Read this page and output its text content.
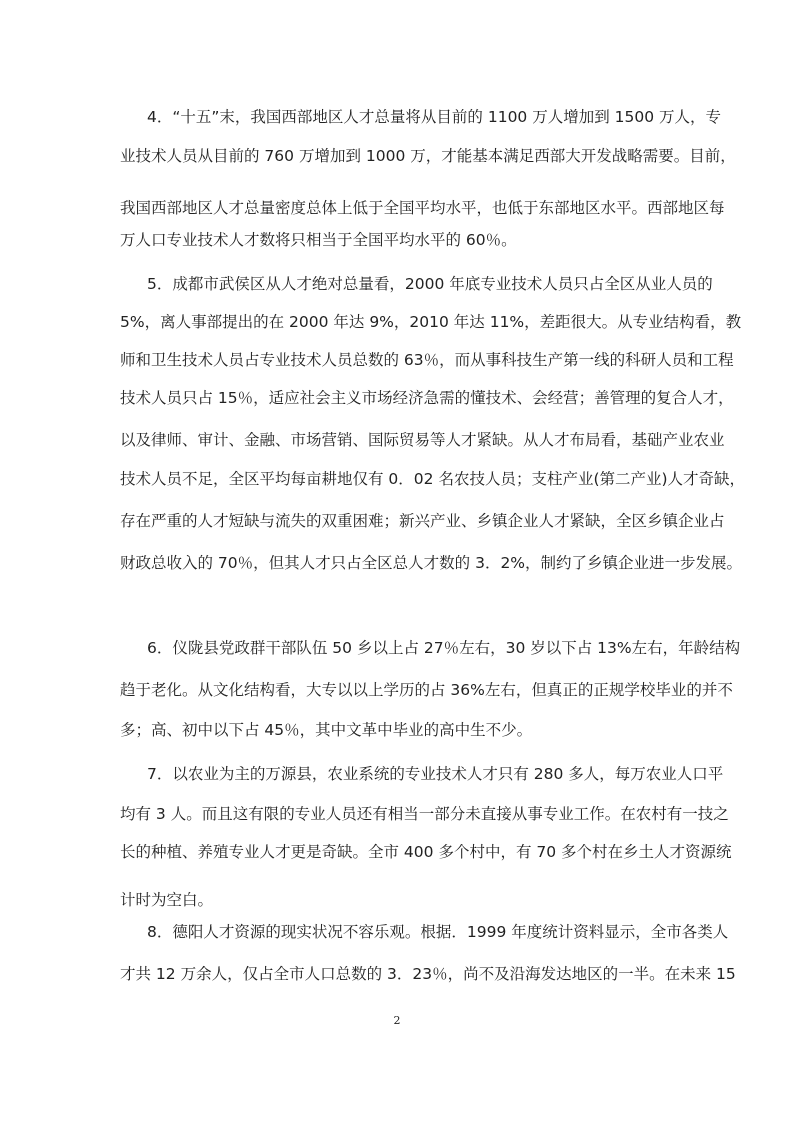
4．“十五”末，我国西部地区人才总量将从目前的 1100 万人增加到 1500 万人，专
业技术人员从目前的 760 万增加到 1000 万，才能基本满足西部大开发战略需要。目前，
我国西部地区人才总量密度总体上低于全国平均水平，也低于东部地区水平。西部地区每
万人口专业技术人才数将只相当于全国平均水平的 60％。
5．成都市武侯区从人才绝对总量看，2000 年底专业技术人员只占全区从业人员的
5%，离人事部提出的在 2000 年达 9%，2010 年达 11%，差距很大。从专业结构看，教
师和卫生技术人员占专业技术人员总数的 63％，而从事科技生产第一线的科研人员和工程
技术人员只占 15％，适应社会主义市场经济急需的懂技术、会经营；善管理的复合人才，
以及律师、审计、金融、市场营销、国际贸易等人才紧缺。从人才布局看，基础产业农业
技术人员不足，全区平均每亩耕地仅有 0．02 名农技人员；支柱产业(第二产业)人才奇缺，
存在严重的人才短缺与流失的双重困难；新兴产业、乡镇企业人才紧缺，全区乡镇企业占
财政总收入的 70％，但其人才只占全区总人才数的 3．2%，制约了乡镇企业进一步发展。
6．仪陇县党政群干部队伍 50 乡以上占 27％左右，30 岁以下占 13%左右，年龄结构
趋于老化。从文化结构看，大专以以上学历的占 36%左右，但真正的正规学校毕业的并不
多；高、初中以下占 45％，其中文革中毕业的高中生不少。
7．以农业为主的万源县，农业系统的专业技术人才只有 280 多人，每万农业人口平
均有 3 人。而且这有限的专业人员还有相当一部分未直接从事专业工作。在农村有一技之
长的种植、养殖专业人才更是奇缺。全市 400 多个村中，有 70 多个村在乡土人才资源统
计时为空白。
8．德阳人才资源的现实状况不容乐观。根据．1999 年度统计资料显示，全市各类人
才共 12 万余人，仅占全市人口总数的 3．23％，尚不及沿海发达地区的一半。在未来 15
2
